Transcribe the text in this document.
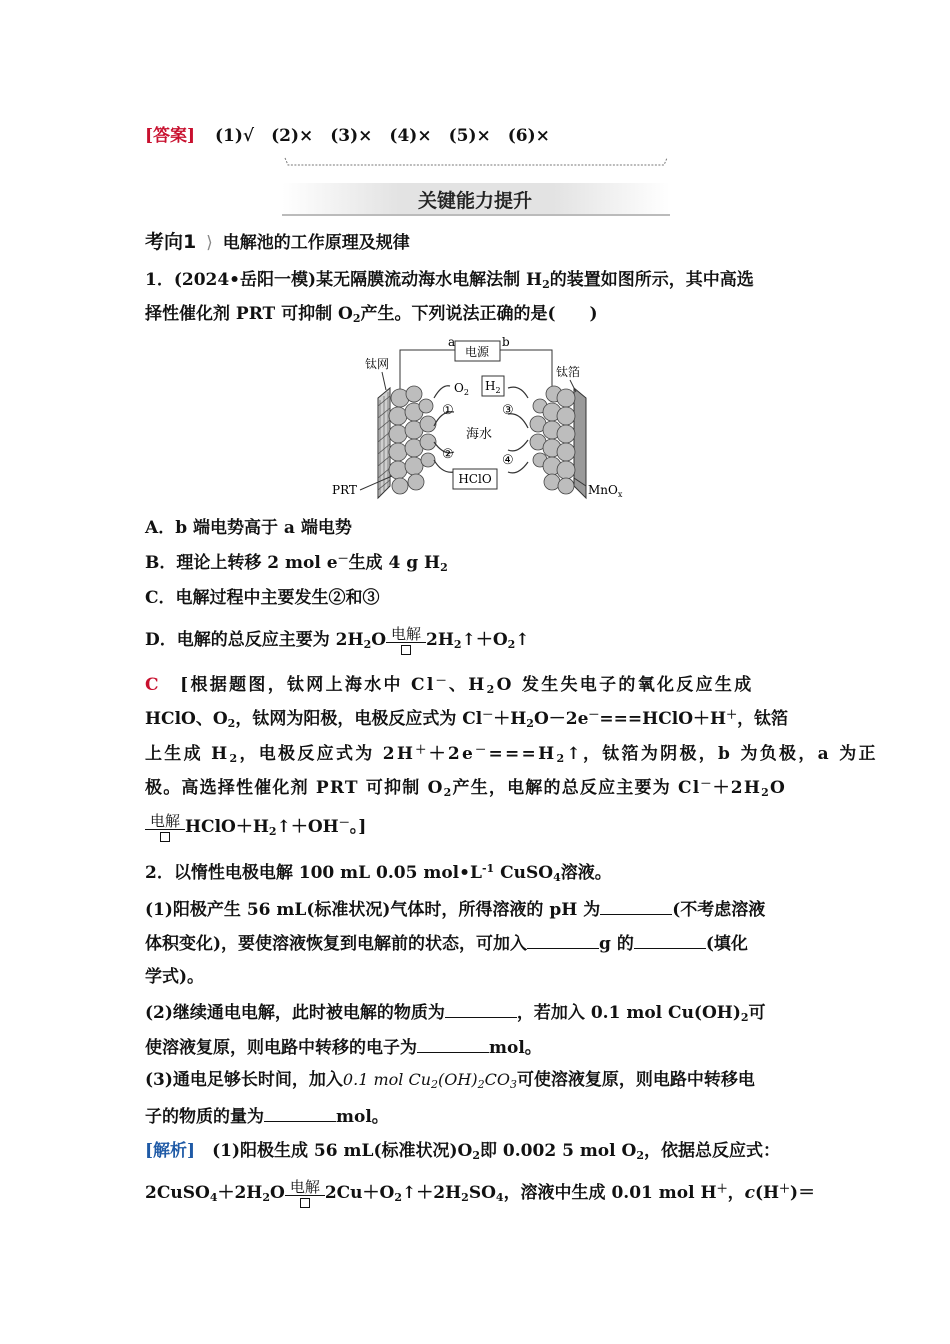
[答案] (1)√　(2)×　(3)×　(4)×　(5)×　(6)×
关键能力提升
考向1 ⟩ 电解池的工作原理及规律
1．(2024•岳阳一模)某无隔膜流动海水电解法制 $H_2$的装置如图所示，其中高选
择性催化剂 PRT 可抑制 $O_2$产生。下列说法正确的是(　　)
电源
a	b
钛网
PRT
钛箔
MnO$_x$
$O_2$ $H_2$
①
②
③
④
海水
HClO
A．b 端电势高于 a 端电势
B．理论上转移 2 mol e－生成 4 g $H_2$
C．电解过程中主要发生②和③
D．电解的总反应主要为 $2H_2O$ 电解 $2H_2↑+O_2↑$
C　 [根据题图，钛网上海水中 Cl－、$H_2O$ 发生失电子的氧化反应生成
HClO、$O_2$，钛网为阳极，电极反应式为 $Cl^-+H_2O-2e^-===HClO+H^+$，钛箔
上生成 $H_2$，电极反应式为 $2H^++2e^-===H_2↑$，钛箔为阴极，b 为负极，a 为正
极。高选择性催化剂 PRT 可抑制 $O_2$产生，电解的总反应主要为 $Cl^-+2H_2O$
电解 $HClO+H_2↑+OH^-$。]
2．以惰性电极电解 100 mL 0.05 $mol•L^{-1}$ CuSO$_4$溶液。
(1)阳极产生 56 mL(标准状况)气体时，所得溶液的 pH 为	(不考虑溶液
体积变化)，要使溶液恢复到电解前的状态，可加入	g 的	(填化
学式)。
(2)继续通电电解，此时被电解的物质为	，若加入 0.1 mol $Cu(OH)_2$可
使溶液复原，则电路中转移的电子为	mol。
(3)通电足够长时间，加入0.1 mol $Cu_2(OH)_2CO_3$可使溶液复原，则电路中转移电
子的物质的量为	mol。
[解析]　 (1)阳极生成 56 mL(标准状况)$O_2$即 0.002 5 mol $O_2$，依据总反应式：
$2CuSO_4+2H_2O$ 电解 $2Cu+O_2↑+2H_2SO_4$，溶液中生成 0.01 mol H＋，c(H＋)＝
